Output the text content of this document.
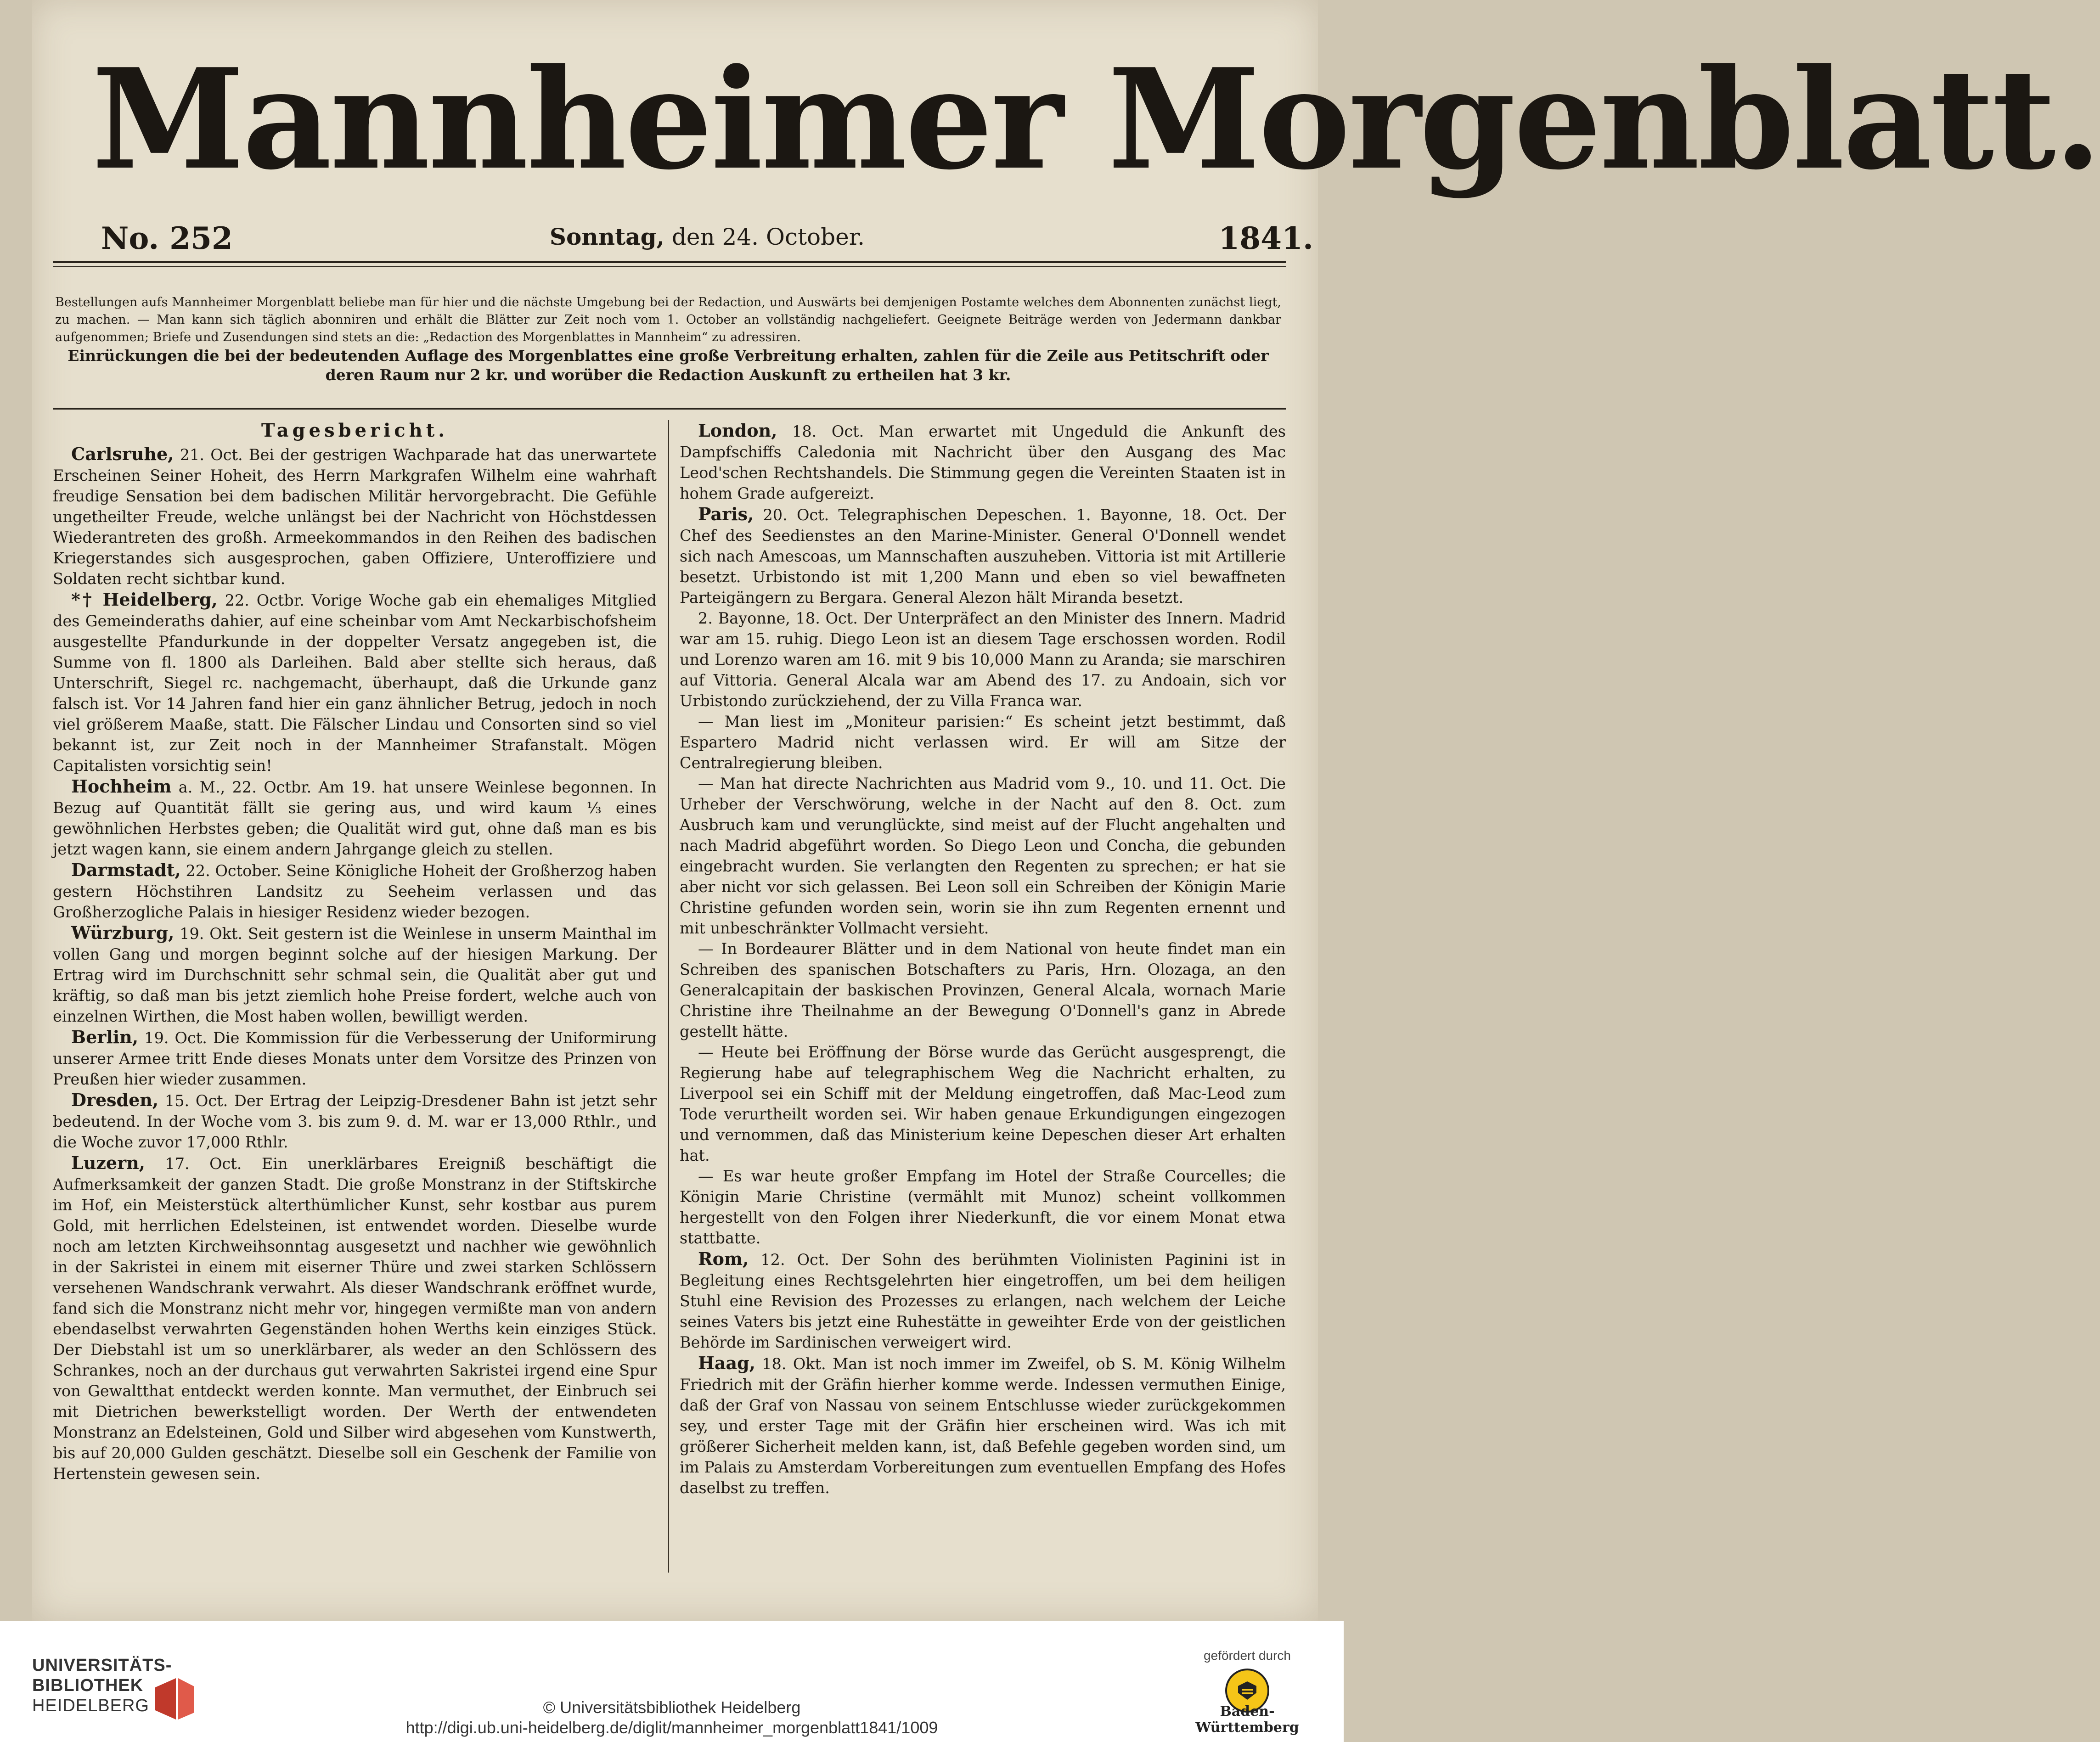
Mannheimer Morgenblatt.
No. 252	Sonntag, den 24. October.	1841.
Bestellungen aufs Mannheimer Morgenblatt beliebe man für hier und die nächste Umgebung bei der Redaction, und Auswärts bei demjenigen Postamte welches dem Abonnenten zunächst liegt, zu machen. — Man kann sich täglich abonniren und erhält die Blätter zur Zeit noch vom 1. October an vollständig nachgeliefert. Geeignete Beiträge werden von Jedermann dankbar aufgenommen; Briefe und Zusendungen sind stets an die: „Redaction des Morgenblattes in Mannheim“ zu adressiren.
Einrückungen die bei der bedeutenden Auflage des Morgenblattes eine große Verbreitung erhalten, zahlen für die Zeile aus Petitschrift oder deren Raum nur 2 kr. und worüber die Redaction Auskunft zu ertheilen hat 3 kr.
Tagesbericht.

Carlsruhe, 21. Oct. Bei der gestrigen Wachparade hat das unerwartete Erscheinen Seiner Hoheit, des Herrn Markgrafen Wilhelm eine wahrhaft freudige Sensation bei dem badischen Militär hervorgebracht. Die Gefühle ungetheilter Freude, welche unlängst bei der Nachricht von Höchstdessen Wiederantreten des großh. Armeekommandos in den Reihen des badischen Kriegerstandes sich ausgesprochen, gaben Offiziere, Unteroffiziere und Soldaten recht sichtbar kund.

*† Heidelberg, 22. Octbr. Vorige Woche gab ein ehemaliges Mitglied des Gemeinderaths dahier, auf eine scheinbar vom Amt Neckarbischofsheim ausgestellte Pfandurkunde in der doppelter Versatz angegeben ist, die Summe von fl. 1800 als Darleihen. Bald aber stellte sich heraus, daß Unterschrift, Siegel rc. nachgemacht, überhaupt, daß die Urkunde ganz falsch ist. Vor 14 Jahren fand hier ein ganz ähnlicher Betrug, jedoch in noch viel größerem Maaße, statt. Die Fälscher Lindau und Consorten sind so viel bekannt ist, zur Zeit noch in der Mannheimer Strafanstalt. Mögen Capitalisten vorsichtig sein!

Hochheim a. M., 22. Octbr. Am 19. hat unsere Weinlese begonnen. In Bezug auf Quantität fällt sie gering aus, und wird kaum ⅓ eines gewöhnlichen Herbstes geben; die Qualität wird gut, ohne daß man es bis jetzt wagen kann, sie einem andern Jahrgange gleich zu stellen.

Darmstadt, 22. October. Seine Königliche Hoheit der Großherzog haben gestern Höchstihren Landsitz zu Seeheim verlassen und das Großherzogliche Palais in hiesiger Residenz wieder bezogen.

Würzburg, 19. Okt. Seit gestern ist die Weinlese in unserm Mainthal im vollen Gang und morgen beginnt solche auf der hiesigen Markung. Der Ertrag wird im Durchschnitt sehr schmal sein, die Qualität aber gut und kräftig, so daß man bis jetzt ziemlich hohe Preise fordert, welche auch von einzelnen Wirthen, die Most haben wollen, bewilligt werden.

Berlin, 19. Oct. Die Kommission für die Verbesserung der Uniformirung unserer Armee tritt Ende dieses Monats unter dem Vorsitze des Prinzen von Preußen hier wieder zusammen.

Dresden, 15. Oct. Der Ertrag der Leipzig-Dresdener Bahn ist jetzt sehr bedeutend. In der Woche vom 3. bis zum 9. d. M. war er 13,000 Rthlr., und die Woche zuvor 17,000 Rthlr.

Luzern, 17. Oct. Ein unerklärbares Ereigniß beschäftigt die Aufmerksamkeit der ganzen Stadt. Die große Monstranz in der Stiftskirche im Hof, ein Meisterstück alterthümlicher Kunst, sehr kostbar aus purem Gold, mit herrlichen Edelsteinen, ist entwendet worden. Dieselbe wurde noch am letzten Kirchweihsonntag ausgesetzt und nachher wie gewöhnlich in der Sakristei in einem mit eiserner Thüre und zwei starken Schlössern versehenen Wandschrank verwahrt. Als dieser Wandschrank eröffnet wurde, fand sich die Monstranz nicht mehr vor, hingegen vermißte man von andern ebendaselbst verwahrten Gegenständen hohen Werths kein einziges Stück. Der Diebstahl ist um so unerklärbarer, als weder an den Schlössern des Schrankes, noch an der durchaus gut verwahrten Sakristei irgend eine Spur von Gewaltthat entdeckt werden konnte. Man vermuthet, der Einbruch sei mit Dietrichen bewerkstelligt worden. Der Werth der entwendeten Monstranz an Edelsteinen, Gold und Silber wird abgesehen vom Kunstwerth, bis auf 20,000 Gulden geschätzt. Dieselbe soll ein Geschenk der Familie von Hertenstein gewesen sein.

London, 18. Oct. Man erwartet mit Ungeduld die Ankunft des Dampfschiffs Caledonia mit Nachricht über den Ausgang des Mac Leod'schen Rechtshandels. Die Stimmung gegen die Vereinten Staaten ist in hohem Grade aufgereizt.

Paris, 20. Oct. Telegraphischen Depeschen. 1. Bayonne, 18. Oct. Der Chef des Seedienstes an den Marine-Minister. General O'Donnell wendet sich nach Amescoas, um Mannschaften auszuheben. Vittoria ist mit Artillerie besetzt. Urbistondo ist mit 1,200 Mann und eben so viel bewaffneten Parteigängern zu Bergara. General Alezon hält Miranda besetzt.

2. Bayonne, 18. Oct. Der Unterpräfect an den Minister des Innern. Madrid war am 15. ruhig. Diego Leon ist an diesem Tage erschossen worden. Rodil und Lorenzo waren am 16. mit 9 bis 10,000 Mann zu Aranda; sie marschiren auf Vittoria. General Alcala war am Abend des 17. zu Andoain, sich vor Urbistondo zurückziehend, der zu Villa Franca war.

— Man liest im „Moniteur parisien:“ Es scheint jetzt bestimmt, daß Espartero Madrid nicht verlassen wird. Er will am Sitze der Centralregierung bleiben.

— Man hat directe Nachrichten aus Madrid vom 9., 10. und 11. Oct. Die Urheber der Verschwörung, welche in der Nacht auf den 8. Oct. zum Ausbruch kam und verunglückte, sind meist auf der Flucht angehalten und nach Madrid abgeführt worden. So Diego Leon und Concha, die gebunden eingebracht wurden. Sie verlangten den Regenten zu sprechen; er hat sie aber nicht vor sich gelassen. Bei Leon soll ein Schreiben der Königin Marie Christine gefunden worden sein, worin sie ihn zum Regenten ernennt und mit unbeschränkter Vollmacht versieht.

— In Bordeaurer Blätter und in dem National von heute findet man ein Schreiben des spanischen Botschafters zu Paris, Hrn. Olozaga, an den Generalcapitain der baskischen Provinzen, General Alcala, wornach Marie Christine ihre Theilnahme an der Bewegung O'Donnell's ganz in Abrede gestellt hätte.

— Heute bei Eröffnung der Börse wurde das Gerücht ausgesprengt, die Regierung habe auf telegraphischem Weg die Nachricht erhalten, zu Liverpool sei ein Schiff mit der Meldung eingetroffen, daß Mac-Leod zum Tode verurtheilt worden sei. Wir haben genaue Erkundigungen eingezogen und vernommen, daß das Ministerium keine Depeschen dieser Art erhalten hat.

— Es war heute großer Empfang im Hotel der Straße Courcelles; die Königin Marie Christine (vermählt mit Munoz) scheint vollkommen hergestellt von den Folgen ihrer Niederkunft, die vor einem Monat etwa stattbatte.

Rom, 12. Oct. Der Sohn des berühmten Violinisten Paginini ist in Begleitung eines Rechtsgelehrten hier eingetroffen, um bei dem heiligen Stuhl eine Revision des Prozesses zu erlangen, nach welchem der Leiche seines Vaters bis jetzt eine Ruhestätte in geweihter Erde von der geistlichen Behörde im Sardinischen verweigert wird.

Haag, 18. Okt. Man ist noch immer im Zweifel, ob S. M. König Wilhelm Friedrich mit der Gräfin hierher komme werde. Indessen vermuthen Einige, daß der Graf von Nassau von seinem Entschlusse wieder zurückgekommen sey, und erster Tage mit der Gräfin hier erscheinen wird. Was ich mit größerer Sicherheit melden kann, ist, daß Befehle gegeben worden sind, um im Palais zu Amsterdam Vorbereitungen zum eventuellen Empfang des Hofes daselbst zu treffen.

UNIVERSITÄTS-
BIBLIOTHEK
HEIDELBERG	© Universitätsbibliothek Heidelberg
http://digi.ub.uni-heidelberg.de/diglit/mannheimer_morgenblatt1841/1009
gefördert durch
Baden-Württemberg
